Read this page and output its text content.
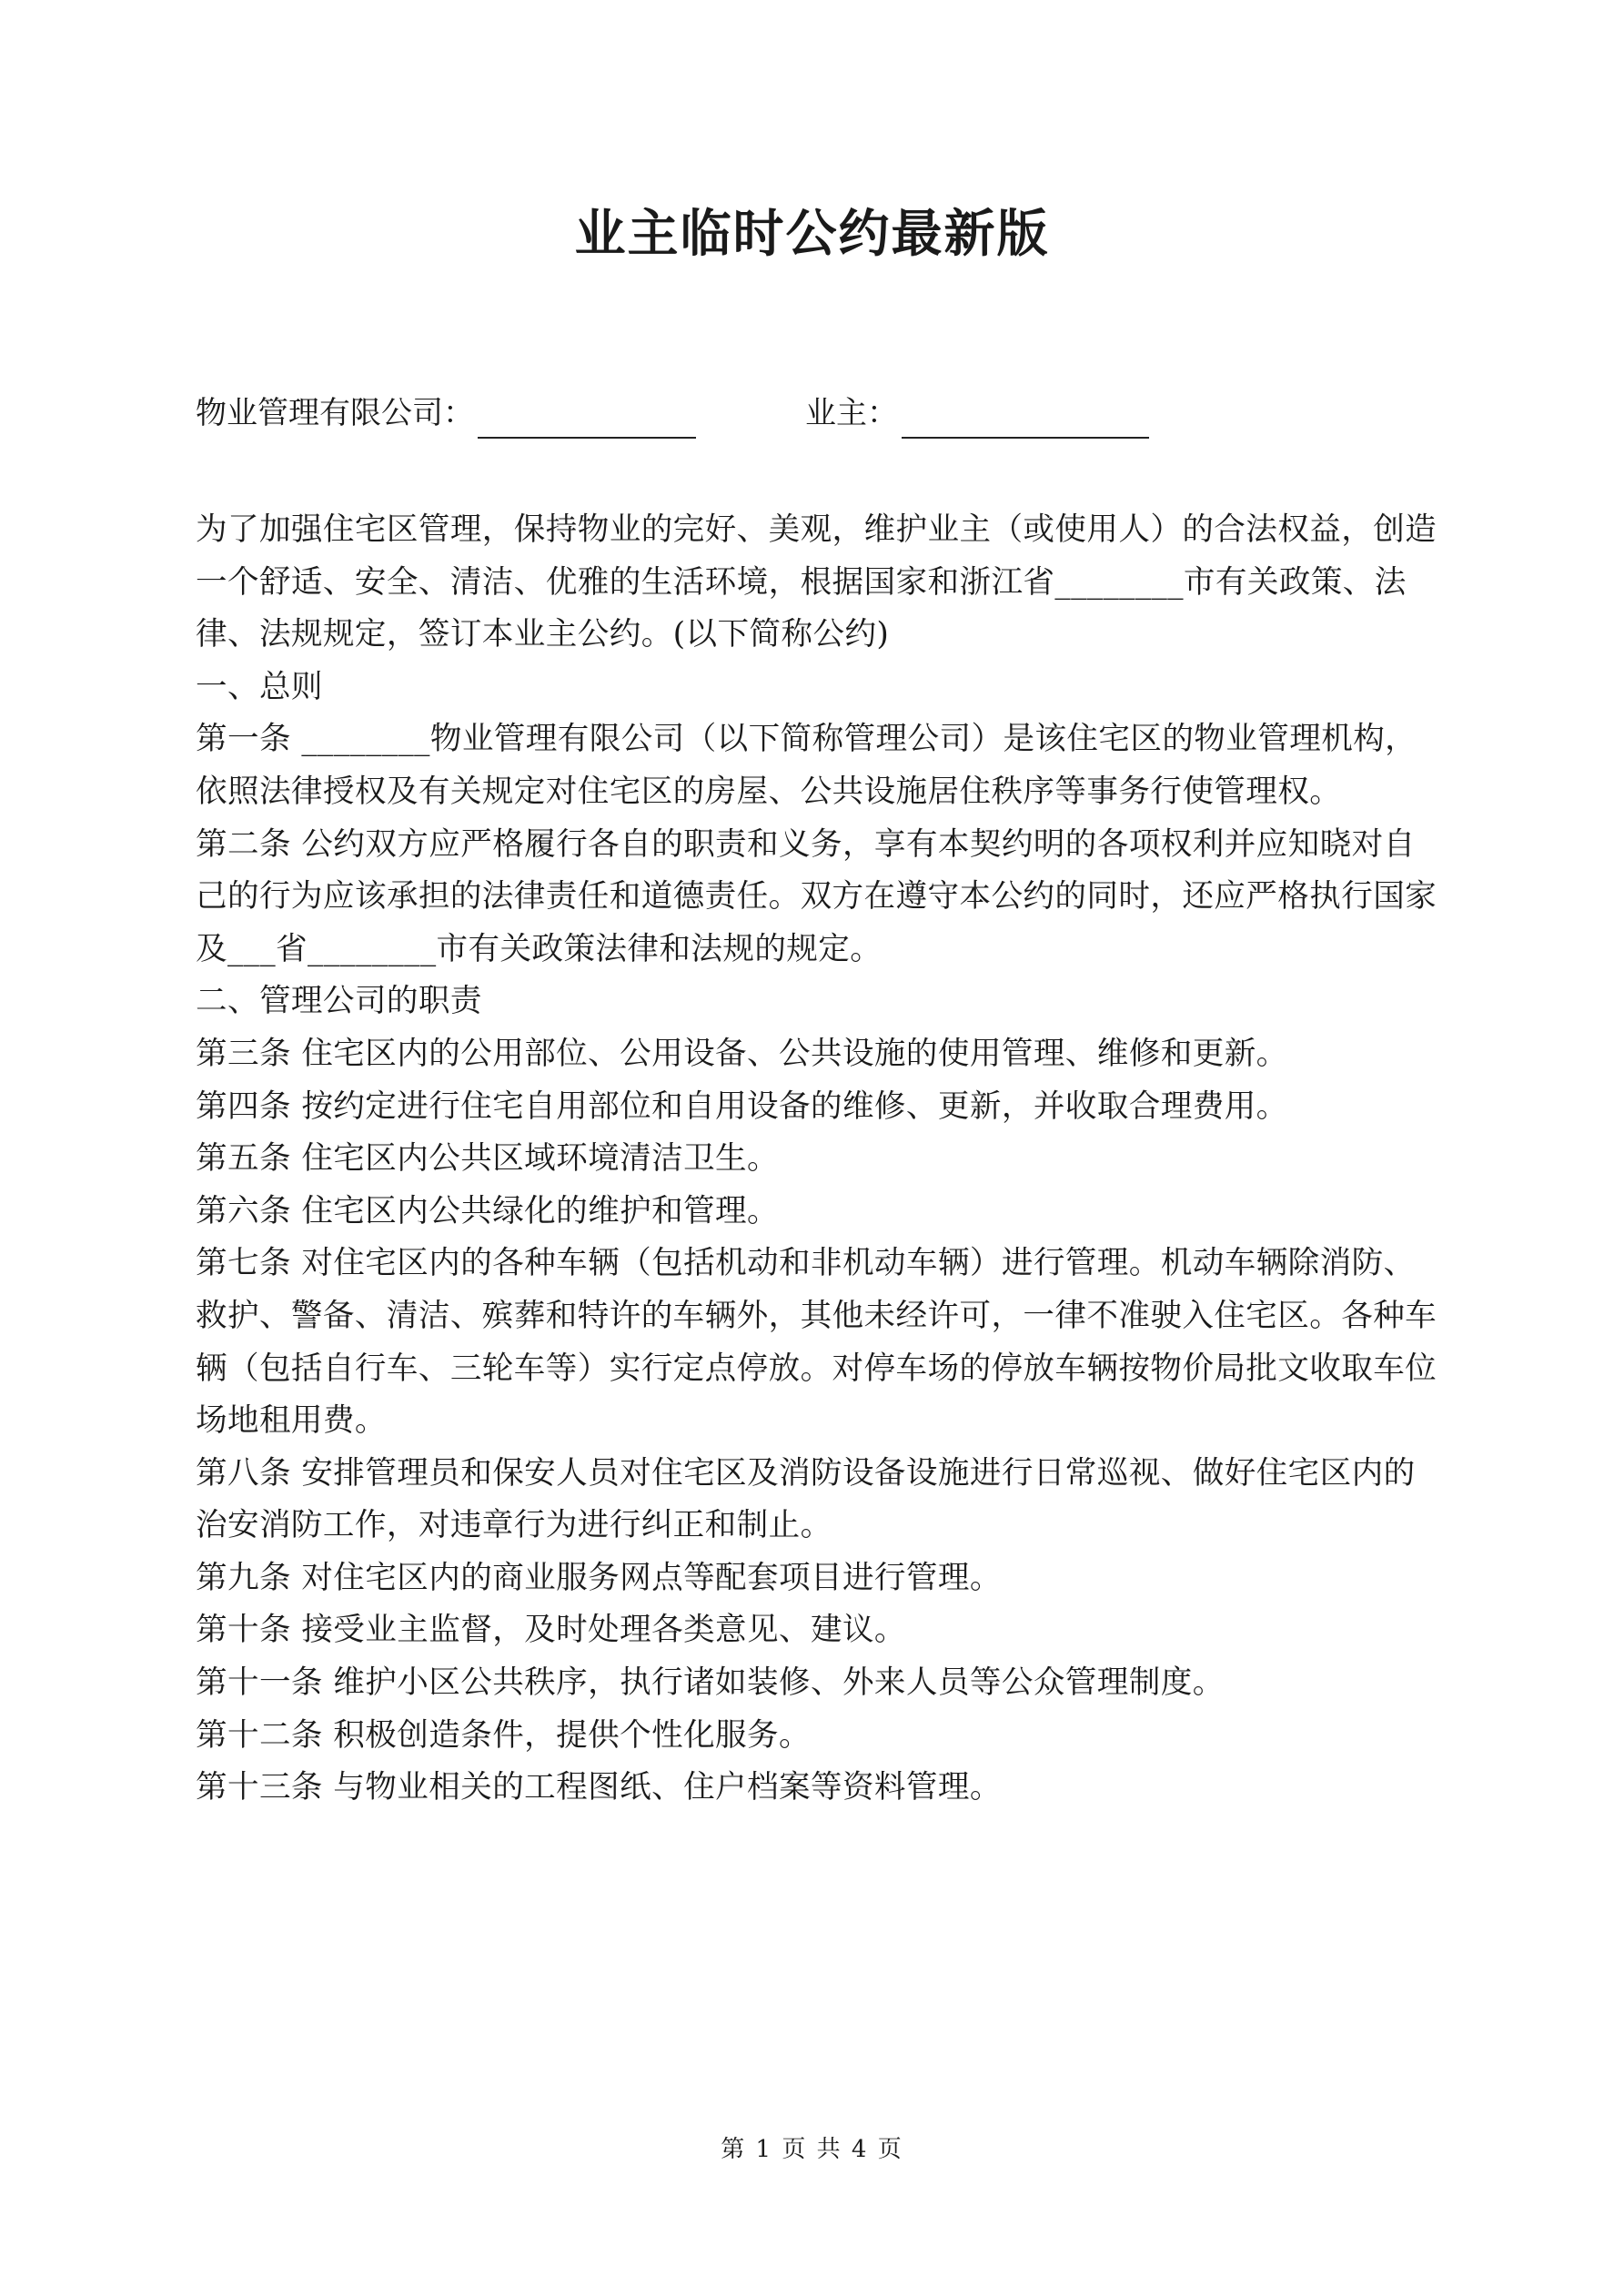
业主临时公约最新版
物业管理有限公司：	业主：

为了加强住宅区管理，保持物业的完好、美观，维护业主（或使用人）的合法权益，创造一个舒适、安全、清洁、优雅的生活环境，根据国家和浙江省________市有关政策、法律、法规规定，签订本业主公约。(以下简称公约)

一、总则

第一条 ________物业管理有限公司（以下简称管理公司）是该住宅区的物业管理机构，依照法律授权及有关规定对住宅区的房屋、公共设施居住秩序等事务行使管理权。

第二条 公约双方应严格履行各自的职责和义务，享有本契约明的各项权利并应知晓对自己的行为应该承担的法律责任和道德责任。双方在遵守本公约的同时，还应严格执行国家及___省________市有关政策法律和法规的规定。

二、管理公司的职责

第三条 住宅区内的公用部位、公用设备、公共设施的使用管理、维修和更新。

第四条 按约定进行住宅自用部位和自用设备的维修、更新，并收取合理费用。

第五条 住宅区内公共区域环境清洁卫生。

第六条 住宅区内公共绿化的维护和管理。

第七条 对住宅区内的各种车辆（包括机动和非机动车辆）进行管理。机动车辆除消防、救护、警备、清洁、殡葬和特许的车辆外，其他未经许可，一律不准驶入住宅区。各种车辆（包括自行车、三轮车等）实行定点停放。对停车场的停放车辆按物价局批文收取车位场地租用费。

第八条 安排管理员和保安人员对住宅区及消防设备设施进行日常巡视、做好住宅区内的治安消防工作，对违章行为进行纠正和制止。

第九条 对住宅区内的商业服务网点等配套项目进行管理。

第十条 接受业主监督，及时处理各类意见、建议。

第十一条 维护小区公共秩序，执行诸如装修、外来人员等公众管理制度。

第十二条 积极创造条件，提供个性化服务。

第十三条 与物业相关的工程图纸、住户档案等资料管理。

第 1 页 共 4 页
